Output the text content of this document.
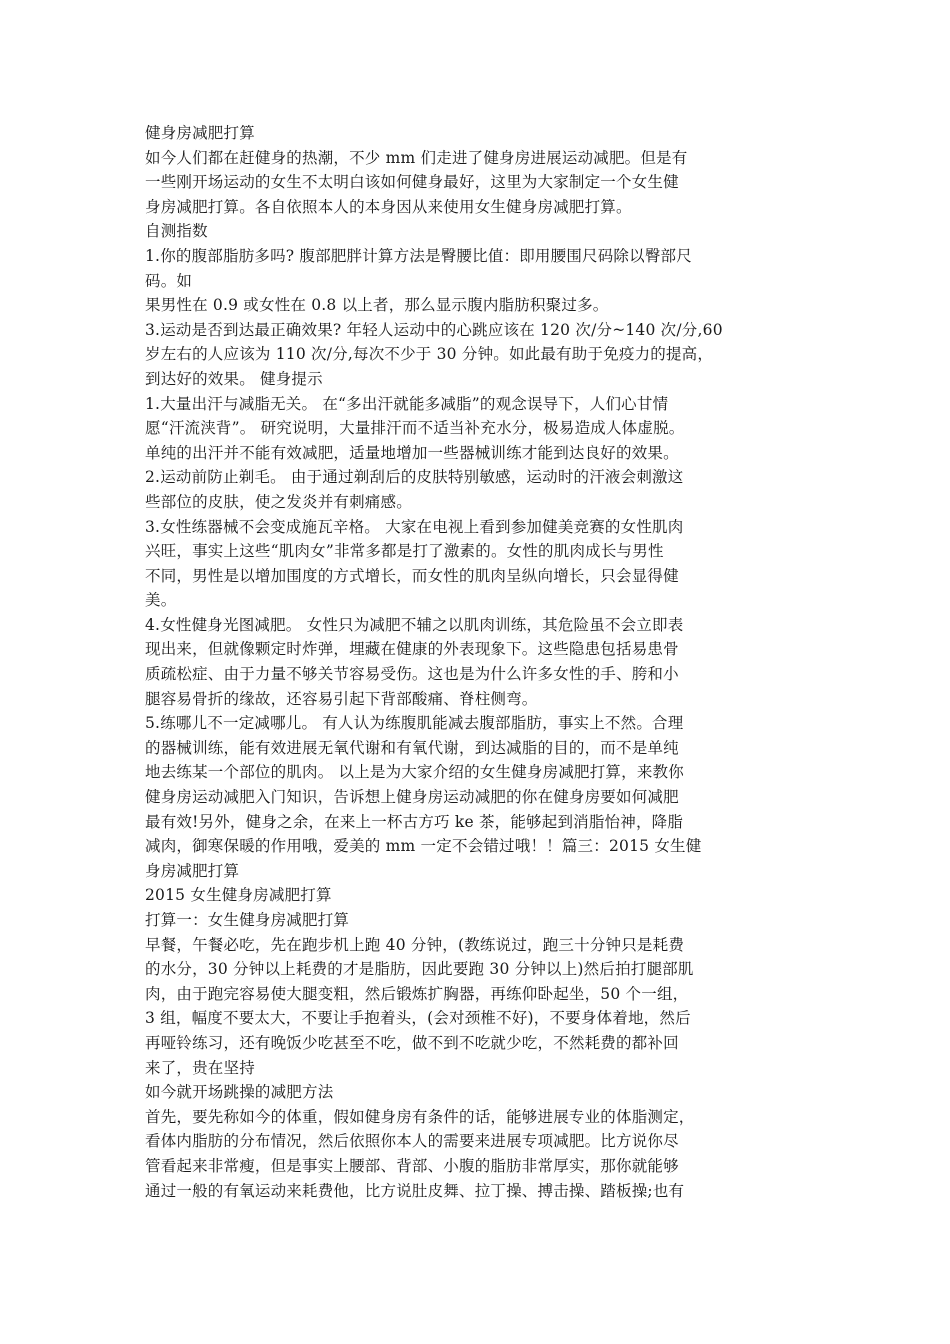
健身房减肥打算
如今人们都在赶健身的热潮，不少 mm 们走进了健身房进展运动减肥。但是有
一些刚开场运动的女生不太明白该如何健身最好，这里为大家制定一个女生健
身房减肥打算。各自依照本人的本身因从来使用女生健身房减肥打算。
自测指数
1.你的腹部脂肪多吗? 腹部肥胖计算方法是臀腰比值：即用腰围尺码除以臀部尺
码。如
果男性在 0.9 或女性在 0.8 以上者，那么显示腹内脂肪积聚过多。
3.运动是否到达最正确效果? 年轻人运动中的心跳应该在 120 次/分~140 次/分,60
岁左右的人应该为 110 次/分,每次不少于 30 分钟。如此最有助于免疫力的提高，
到达好的效果。 健身提示
1.大量出汗与减脂无关。 在“多出汗就能多减脂”的观念误导下，人们心甘情
愿“汗流浃背”。 研究说明，大量排汗而不适当补充水分，极易造成人体虚脱。
单纯的出汗并不能有效减肥，适量地增加一些器械训练才能到达良好的效果。
2.运动前防止剃毛。 由于通过剃刮后的皮肤特别敏感，运动时的汗液会刺激这
些部位的皮肤，使之发炎并有刺痛感。
3.女性练器械不会变成施瓦辛格。 大家在电视上看到参加健美竞赛的女性肌肉
兴旺，事实上这些“肌肉女”非常多都是打了激素的。女性的肌肉成长与男性
不同，男性是以增加围度的方式增长，而女性的肌肉呈纵向增长，只会显得健
美。
4.女性健身光图减肥。 女性只为减肥不辅之以肌肉训练，其危险虽不会立即表
现出来，但就像颗定时炸弹，埋藏在健康的外表现象下。这些隐患包括易患骨
质疏松症、由于力量不够关节容易受伤。这也是为什么许多女性的手、胯和小
腿容易骨折的缘故，还容易引起下背部酸痛、脊柱侧弯。
5.练哪儿不一定减哪儿。 有人认为练腹肌能减去腹部脂肪，事实上不然。合理
的器械训练，能有效进展无氧代谢和有氧代谢，到达减脂的目的，而不是单纯
地去练某一个部位的肌肉。 以上是为大家介绍的女生健身房减肥打算，来教你
健身房运动减肥入门知识，告诉想上健身房运动减肥的你在健身房要如何减肥
最有效!另外，健身之余，在来上一杯古方巧 ke 茶，能够起到消脂怡神，降脂
减肉，御寒保暖的作用哦，爱美的 mm 一定不会错过哦！！篇三：2015 女生健
身房减肥打算
2015 女生健身房减肥打算
打算一：女生健身房减肥打算
早餐，午餐必吃，先在跑步机上跑 40 分钟，(教练说过，跑三十分钟只是耗费
的水分，30 分钟以上耗费的才是脂肪，因此要跑 30 分钟以上)然后拍打腿部肌
肉，由于跑完容易使大腿变粗，然后锻炼扩胸器，再练仰卧起坐，50 个一组，
3 组，幅度不要太大，不要让手抱着头，(会对颈椎不好)，不要身体着地，然后
再哑铃练习，还有晚饭少吃甚至不吃，做不到不吃就少吃，不然耗费的都补回
来了，贵在坚持
如今就开场跳操的减肥方法
首先，要先称如今的体重，假如健身房有条件的话，能够进展专业的体脂测定，
看体内脂肪的分布情况，然后依照你本人的需要来进展专项减肥。比方说你尽
管看起来非常瘦，但是事实上腰部、背部、小腹的脂肪非常厚实，那你就能够
通过一般的有氧运动来耗费他，比方说肚皮舞、拉丁操、搏击操、踏板操;也有
